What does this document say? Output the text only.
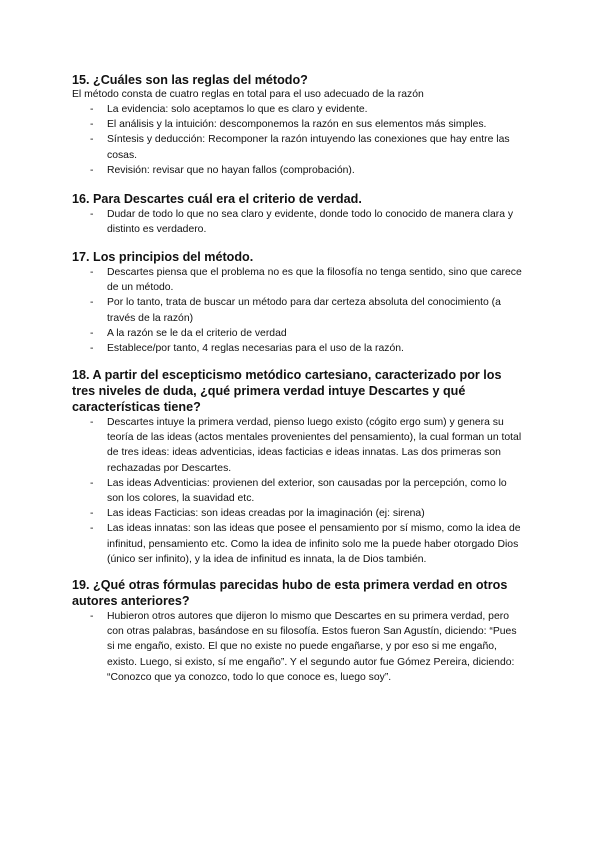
15. ¿Cuáles son las reglas del método?

El método consta de cuatro reglas en total para el uso adecuado de la razón

- La evidencia: solo aceptamos lo que es claro y evidente.
- El análisis y la intuición: descomponemos la razón en sus elementos más simples.
- Síntesis y deducción: Recomponer la razón intuyendo las conexiones que hay entre las cosas.
- Revisión: revisar que no hayan fallos (comprobación).

16. Para Descartes cuál era el criterio de verdad.

- Dudar de todo lo que no sea claro y evidente, donde todo lo conocido de manera clara y distinto es verdadero.

17. Los principios del método.

- Descartes piensa que el problema no es que la filosofía no tenga sentido, sino que carece de un método.
- Por lo tanto, trata de buscar un método para dar certeza absoluta del conocimiento (a través de la razón)
- A la razón se le da el criterio de verdad
- Establece/por tanto, 4 reglas necesarias para el uso de la razón.

18. A partir del escepticismo metódico cartesiano, caracterizado por los tres niveles de duda, ¿qué primera verdad intuye Descartes y qué características tiene?

- Descartes intuye la primera verdad, pienso luego existo (cógito ergo sum) y genera su teoría de las ideas (actos mentales provenientes del pensamiento), la cual forman un total de tres ideas: ideas adventicias, ideas facticias e ideas innatas. Las dos primeras son rechazadas por Descartes.
- Las ideas Adventicias: provienen del exterior, son causadas por la percepción, como lo son los colores, la suavidad etc.
- Las ideas Facticias: son ideas creadas por la imaginación (ej: sirena)
- Las ideas innatas: son las ideas que posee el pensamiento por sí mismo, como la idea de infinitud, pensamiento etc. Como la idea de infinito solo me la puede haber otorgado Dios (único ser infinito), y la idea de infinitud es innata, la de Dios también.

19. ¿Qué otras fórmulas parecidas hubo de esta primera verdad en otros autores anteriores?

- Hubieron otros autores que dijeron lo mismo que Descartes en su primera verdad, pero con otras palabras, basándose en su filosofía. Estos fueron San Agustín, diciendo: “Pues si me engaño, existo. El que no existe no puede engañarse, y por eso si me engaño, existo. Luego, si existo, sí me engaño”. Y el segundo autor fue Gómez Pereira, diciendo: “Conozco que ya conozco, todo lo que conoce es, luego soy”.
